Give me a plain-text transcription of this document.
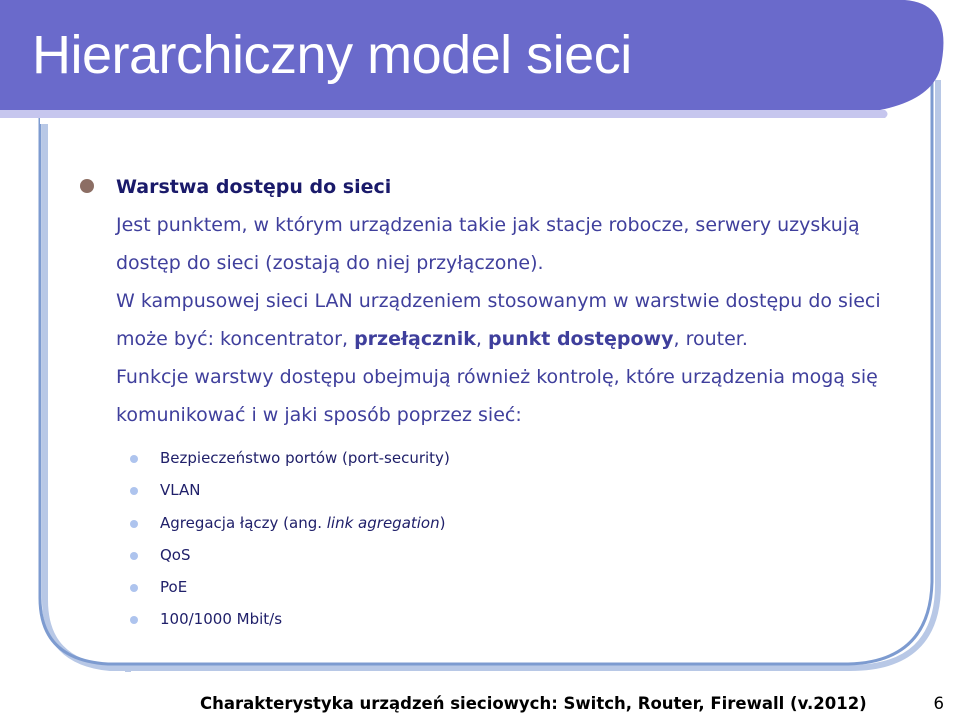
Hierarchiczny model sieci
Warstwa dostępu do sieci
Jest punktem, w którym urządzenia takie jak stacje robocze, serwery uzyskują dostęp do sieci (zostają do niej przyłączone).
W kampusowej sieci LAN urządzeniem stosowanym w warstwie dostępu do sieci może być: koncentrator, przełącznik, punkt dostępowy, router.
Funkcje warstwy dostępu obejmują również kontrolę, które urządzenia mogą się komunikować i w jaki sposób poprzez sieć:
Bezpieczeństwo portów (port-security)
VLAN
Agregacja łączy (ang. link agregation)
QoS
PoE
100/1000 Mbit/s
Charakterystyka urządzeń sieciowych: Switch, Router, Firewall (v.2012)	6
